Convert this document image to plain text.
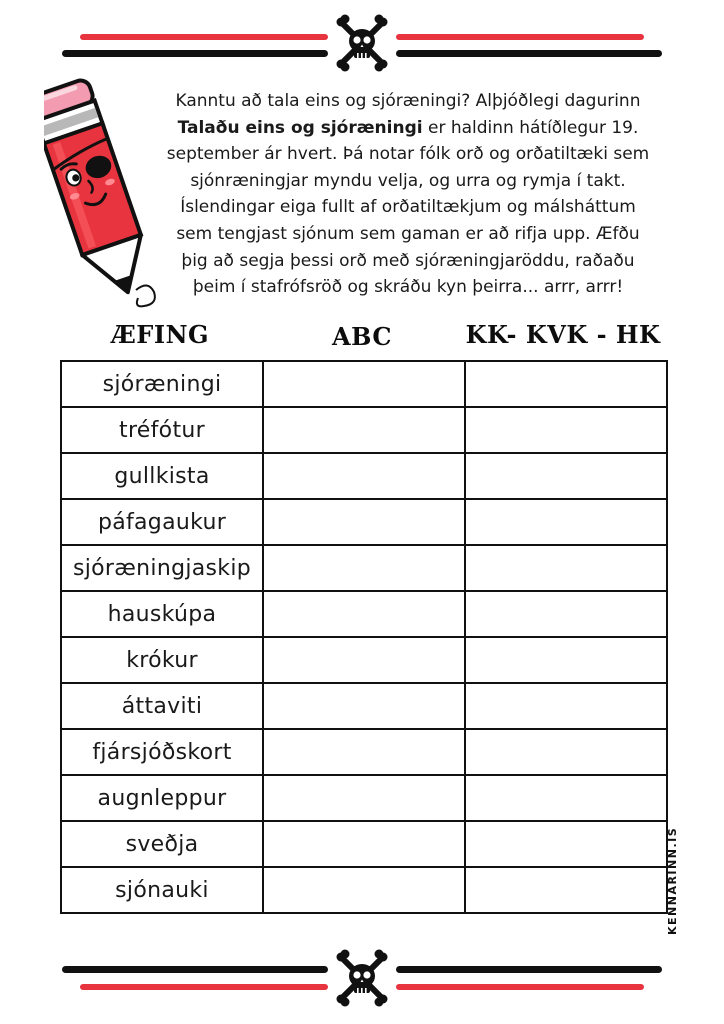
Kanntu að tala eins og sjóræningi? Alþjóðlegi dagurinn
Talaðu eins og sjóræningi er haldinn hátíðlegur 19.
september ár hvert. Þá notar fólk orð og orðatiltæki sem
sjónræningjar myndu velja, og urra og rymja í takt.
Íslendingar eiga fullt af orðatiltækjum og málsháttum
sem tengjast sjónum sem gaman er að rifja upp. Æfðu
þig að segja þessi orð með sjóræningjaröddu, raðaðu
þeim í stafrófsröð og skráðu kyn þeirra... arrr, arrr!
ÆFING	ABC	KK- KVK - HK
sjóræningi		
tréfótur		
gullkista		
páfagaukur		
sjóræningjaskip		
hauskúpa		
krókur		
áttaviti		
fjársjóðskort		
augnleppur		
sveðja		
sjónauki			KENNARINN.IS
